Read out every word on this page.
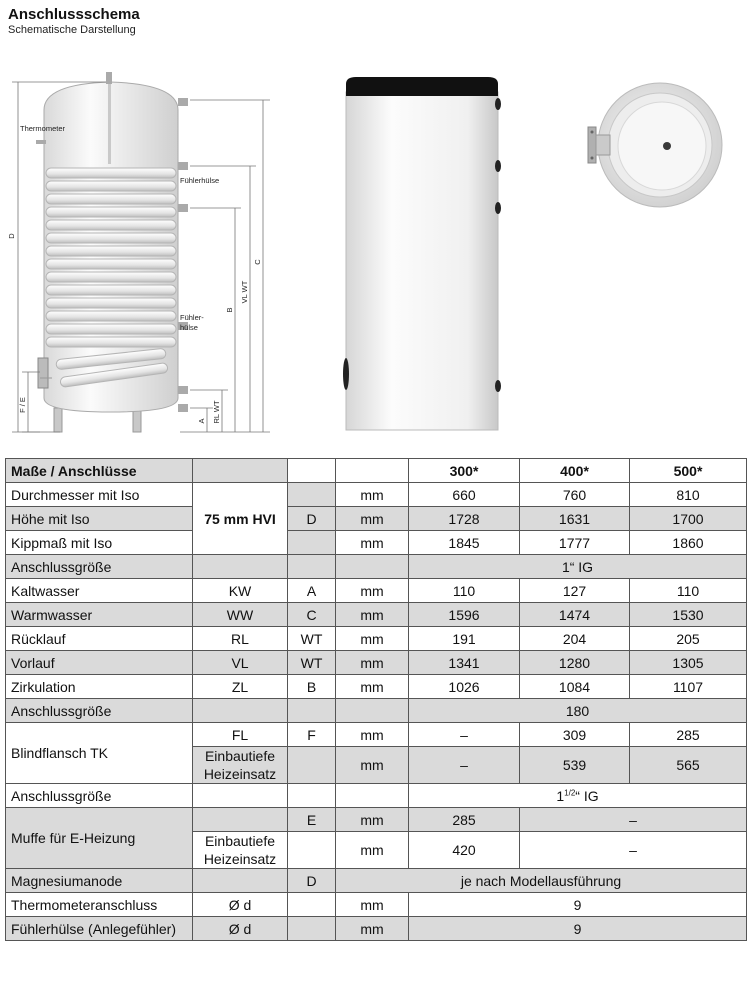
Anschlussschema
Schematische Darstellung
Thermometer
Fühlerhülse
Fühler-
hülse
D
C
VL WT
B
RL WT
A
F / E
Maße / Anschlüsse				300*	400*	500*
Durchmesser mit Iso	75 mm HVI		mm	660	760	810
Höhe mit Iso		D	mm	1728	1631	1700
Kippmaß mit Iso			mm	1845	1777	1860
Anschlussgröße				1“ IG		
Kaltwasser	KW	A	mm	110	127	110
Warmwasser	WW	C	mm	1596	1474	1530
Rücklauf	RL	WT	mm	191	204	205
Vorlauf	VL	WT	mm	1341	1280	1305
Zirkulation	ZL	B	mm	1026	1084	1107
Anschlussgröße				180		
Blindflansch TK	FL	F	mm	–	309	285
	Einbautiefe
Heizeinsatz		mm	–	539	565
Anschlussgröße				$1^{1/2}“$ IG		
Muffe für E-Heizung		E	mm	285	–	
	Einbautiefe
Heizeinsatz		mm	420	–	
Magnesiumanode		D	je nach Modellausführung			
Thermometeranschluss	Ø d		mm	9		
Fühlerhülse (Anlegefühler)	Ø d		mm	9		
